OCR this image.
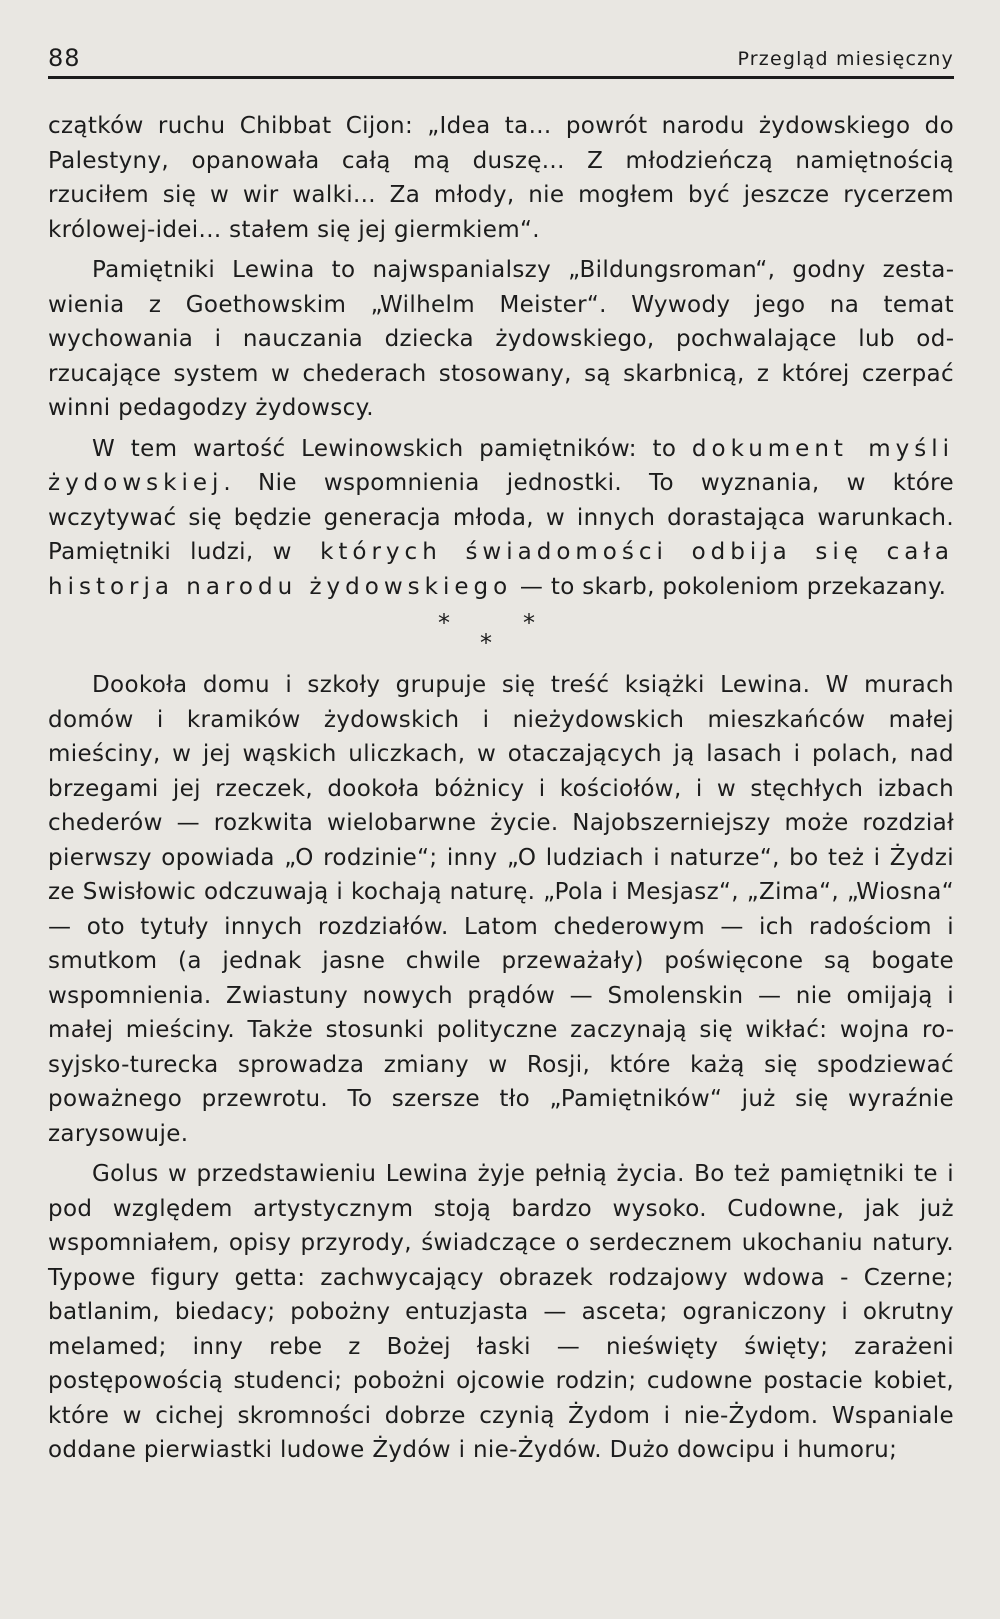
88	Przegląd miesięczny

czątków ruchu Chibbat Cijon: „Idea ta... powrót narodu żydowskiego do Palestyny, opanowała całą mą duszę... Z młodzieńczą namiętnością rzuciłem się w wir walki... Za młody, nie mogłem być jeszcze rycerzem królowej-idei... stałem się jej giermkiem“.

Pamiętniki Lewina to najwspanialszy „Bildungsroman“, godny zestawienia z Goethowskim „Wilhelm Meister“. Wywody jego na temat wychowania i nauczania dziecka żydowskiego, pochwalające lub odrzucające system w chederach stosowany, są skarbnicą, z której czerpać winni pedagodzy żydowscy.

W tem wartość Lewinowskich pamiętników: to dokument myśli żydowskiej. Nie wspomnienia jednostki. To wyznania, w które wczytywać się będzie generacja młoda, w innych dorastająca warunkach. Pamiętniki ludzi, w których świadomości odbija się cała historja narodu żydowskiego — to skarb, pokoleniom przekazany.

*	*
*

Dookoła domu i szkoły grupuje się treść książki Lewina. W murach domów i kramików żydowskich i nieżydowskich mieszkańców małej mieściny, w jej wąskich uliczkach, w otaczających ją lasach i polach, nad brzegami jej rzeczek, dookoła bóżnicy i kościołów, i w stęchłych izbach chederów — rozkwita wielobarwne życie. Najobszerniejszy może rozdział pierwszy opowiada „O rodzinie“; inny „O ludziach i naturze“, bo też i Żydzi ze Swisłowic odczuwają i kochają naturę. „Pola i Mesjasz“, „Zima“, „Wiosna“ — oto tytuły innych rozdziałów. Latom chederowym — ich radościom i smutkom (a jednak jasne chwile przeważały) poświęcone są bogate wspomnienia. Zwiastuny nowych prądów — Smolenskin — nie omijają i małej mieściny. Także stosunki polityczne zaczynają się wikłać: wojna rosyjsko-turecka sprowadza zmiany w Rosji, które każą się spodziewać poważnego przewrotu. To szersze tło „Pamiętników“ już się wyraźnie zarysowuje.

Golus w przedstawieniu Lewina żyje pełnią życia. Bo też pamiętniki te i pod względem artystycznym stoją bardzo wysoko. Cudowne, jak już wspomniałem, opisy przyrody, świadczące o serdecznem ukochaniu natury. Typowe figury getta: zachwycający obrazek rodzajowy wdowa - Czerne; batlanim, biedacy; pobożny entuzjasta — asceta; ograniczony i okrutny melamed; inny rebe z Bożej łaski — nieświęty święty; zarażeni postępowością studenci; pobożni ojcowie rodzin; cudowne postacie kobiet, które w cichej skromności dobrze czynią Żydom i nie-Żydom. Wspaniale oddane pierwiastki ludowe Żydów i nie-Żydów. Dużo dowcipu i humoru;
